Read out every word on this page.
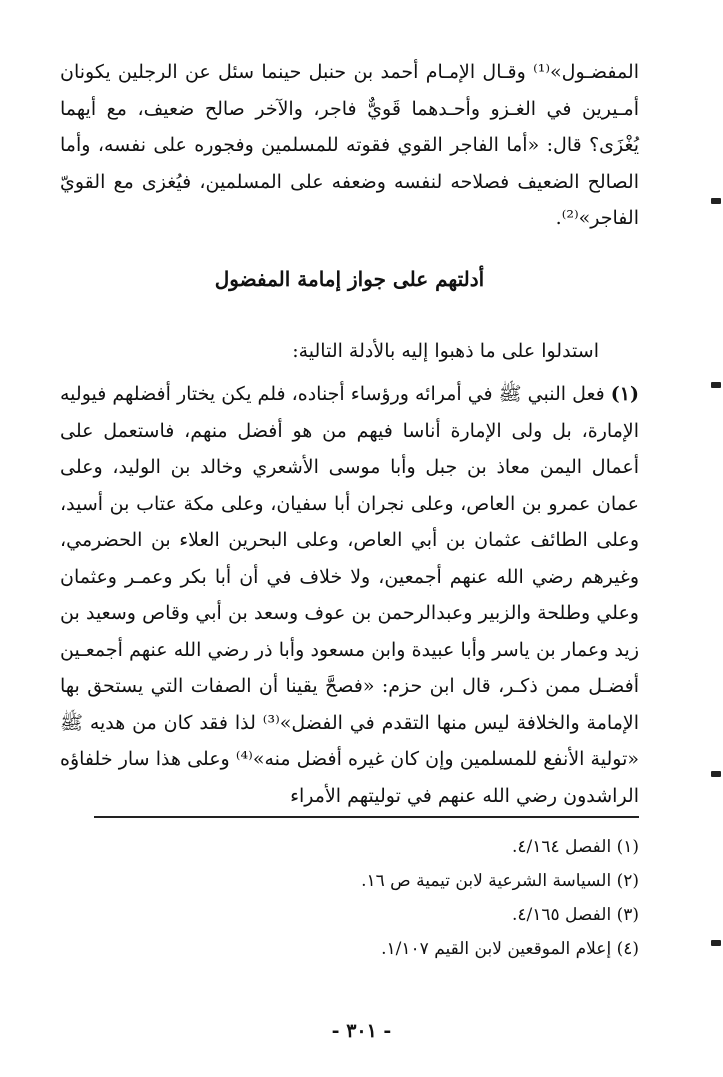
المفضـول»⁽¹⁾ وقـال الإمـام أحمد بن حنبل حينما سئل عن الرجلين يكونان أمـيرين في الغـزو وأحـدهما قَويٌّ فاجر، والآخر صالح ضعيف، مع أيهما يُغْزَى؟ قال: «أما الفاجر القوي فقوته للمسلمين وفجوره على نفسه، وأما الصالح الضعيف فصلاحه لنفسه وضعفه على المسلمين، فيُغزى مع القويّ الفاجر»⁽²⁾.

أدلتهم على جواز إمامة المفضول
استدلوا على ما ذهبوا إليه بالأدلة التالية:
(١) فعل النبي ﷺ في أمرائه ورؤساء أجناده، فلم يكن يختار أفضلهم فيوليه الإمارة، بل ولى الإمارة أناسا فيهم من هو أفضل منهم، فاستعمل على أعمال اليمن معاذ بن جبل وأبا موسى الأشعري وخالد بن الوليد، وعلى عمان عمرو بن العاص، وعلى نجران أبا سفيان، وعلى مكة عتاب بن أسيد، وعلى الطائف عثمان بن أبي العاص، وعلى البحرين العلاء بن الحضرمي، وغيرهم رضي الله عنهم أجمعين، ولا خلاف في أن أبا بكر وعمـر وعثمان وعلي وطلحة والزبير وعبدالرحمن بن عوف وسعد بن أبي وقاص وسعيد بن زيد وعمار بن ياسر وأبا عبيدة وابن مسعود وأبا ذر رضي الله عنهم أجمعـين أفضـل ممن ذكـر، قال ابن حزم: «فصحَّ يقينا أن الصفات التي يستحق بها الإمامة والخلافة ليس منها التقدم في الفضل»⁽³⁾ لذا فقد كان من هديه ﷺ «تولية الأنفع للمسلمين وإن كان غيره أفضل منه»⁽⁴⁾ وعلى هذا سار خلفاؤه الراشدون رضي الله عنهم في توليتهم الأمراء

(١) الفصل ٤/١٦٤.

(٢) السياسة الشرعية لابن تيمية ص ١٦.

(٣) الفصل ٤/١٦٥.

(٤) إعلام الموقعين لابن القيم ١/١٠٧.

- ٣٠١ -
